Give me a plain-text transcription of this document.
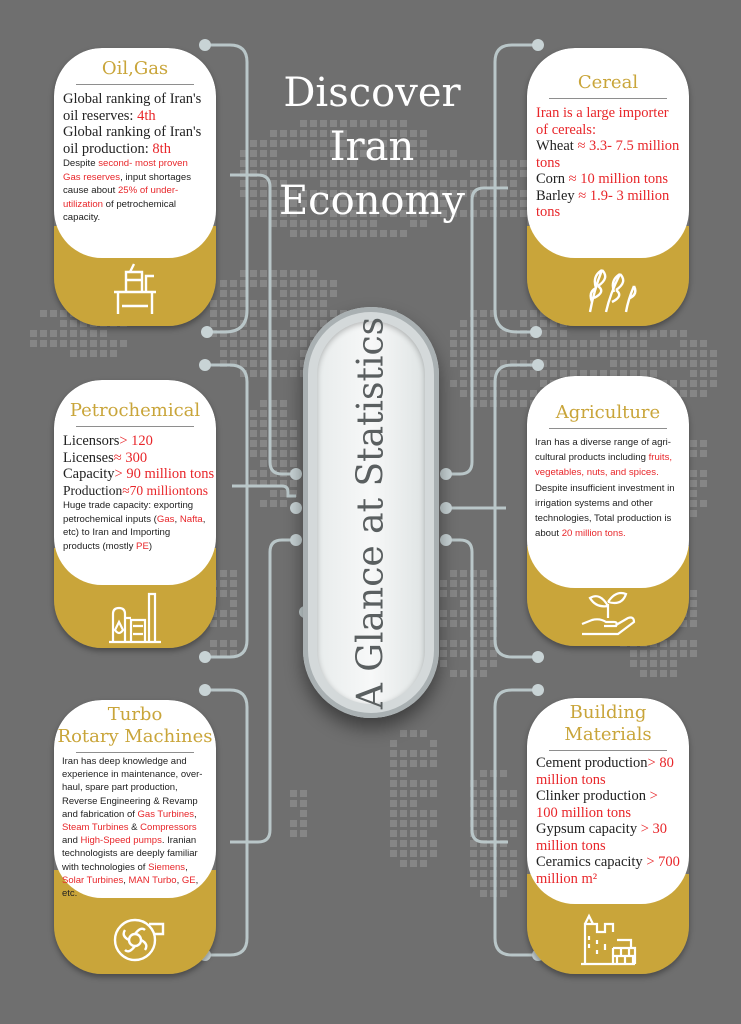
Discover
Iran
Economy
A Glance at Statistics
Oil,Gas
Global ranking of Iran's oil reserves: 4th
Global ranking of Iran's oil production: 8th
Despite second- most proven Gas reserves, input shortages cause about 25% of under-utilization of petrochemical capacity.
Petrochemical
Licensors> 120
Licenses≈ 300
Capacity> 90 million tons
Production≈70 milliontons
Huge trade capacity: exporting petrochemical inputs (Gas, Nafta, etc) to Iran and Importing products (mostly PE)
Turbo
Rotary Machines
Iran has deep knowledge and experience in maintenance, over-haul, spare part production, Reverse Engineering & Revamp and fabrication of Gas Turbines, Steam Turbines & Compressors and High-Speed pumps. Iranian technologists are deeply familiar with technologies of Siemens, Solar Turbines, MAN Turbo, GE, etc.
Cereal
Iran is a large importer of cereals:
Wheat ≈ 3.3- 7.5 million tons
Corn ≈ 10 million tons
Barley ≈ 1.9- 3 million tons
Agriculture
Iran has a diverse range of agri-cultural products including fruits, vegetables, nuts, and spices. Despite insufficient investment in irrigation systems and other technologies, Total production is about 20 million tons.
Building
Materials
Cement production> 80 million tons
Clinker production > 100 million tons
Gypsum capacity > 30 million tons
Ceramics capacity > 700 million m²
